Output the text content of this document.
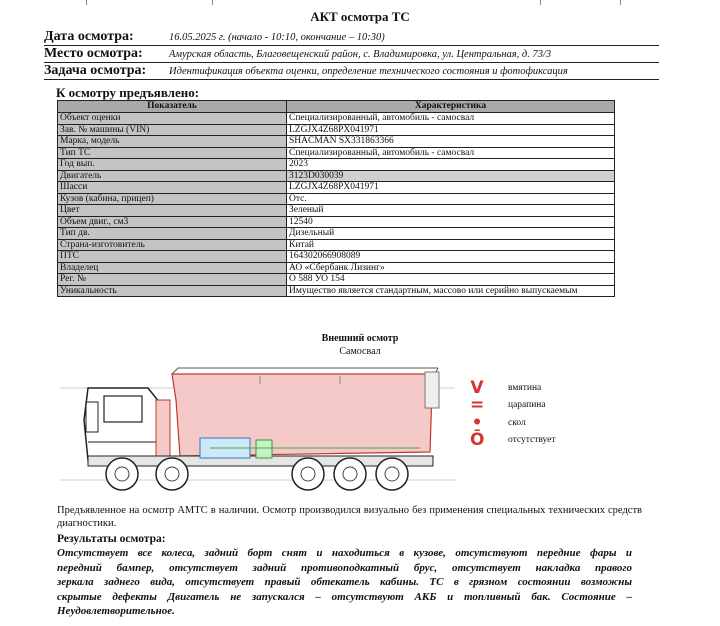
АКТ осмотра ТС
Дата осмотра:	16.05.2025 г. (начало - 10:10, окончание – 10:30)
Место осмотра:	Амурская область, Благовещенский район, с. Владимировка, ул. Центральная, д. 73/3
Задача осмотра: Идентификация объекта оценки, определение технического состояния и фотофиксация
К осмотру предъявлено:
Показатель	Характеристика
Объект оценки	Специализированный, автомобиль - самосвал
Зав. № машины (VIN)	LZGJX4Z68PX041971
Марка, модель	SHACMAN SX331863366
Тип ТС	Специализированный, автомобиль - самосвал
Год вып.	2023
Двигатель	3123D030039
Шасси	LZGJX4Z68PX041971
Кузов (кабина, прицеп)	Отс.
Цвет	Зеленый
Объем двиг., см3	12540
Тип дв.	Дизельный
Страна-изготовитель	Китай
ПТС	164302066908089
Владелец	АО «Сбербанк Лизинг»
Рег. №	О 588 УО 154
Уникальность	Имущество является стандартным, массово или серийно выпускаемым
Внешний осмотр
Самосвал
V	вмятина
=	царапина
•	скол
Ō отсутствует
Предъявленное на осмотр АМТС в наличии. Осмотр производился визуально без применения специальных технических средств диагностики.
Результаты осмотра:
Отсутствует все колеса, задний борт снят и находиться в кузове, отсутствуют передние фары и
передний бампер, отсутствует задний противоподкатный брус, отсутствует накладка правого
зеркала заднего вида, отсутствует правый обтекатель кабины. ТС в грязном состоянии возможны
скрытые дефекты Двигатель не запускался – отсутствуют АКБ и топливный бак. Состояние –
Неудовлетворительное.
